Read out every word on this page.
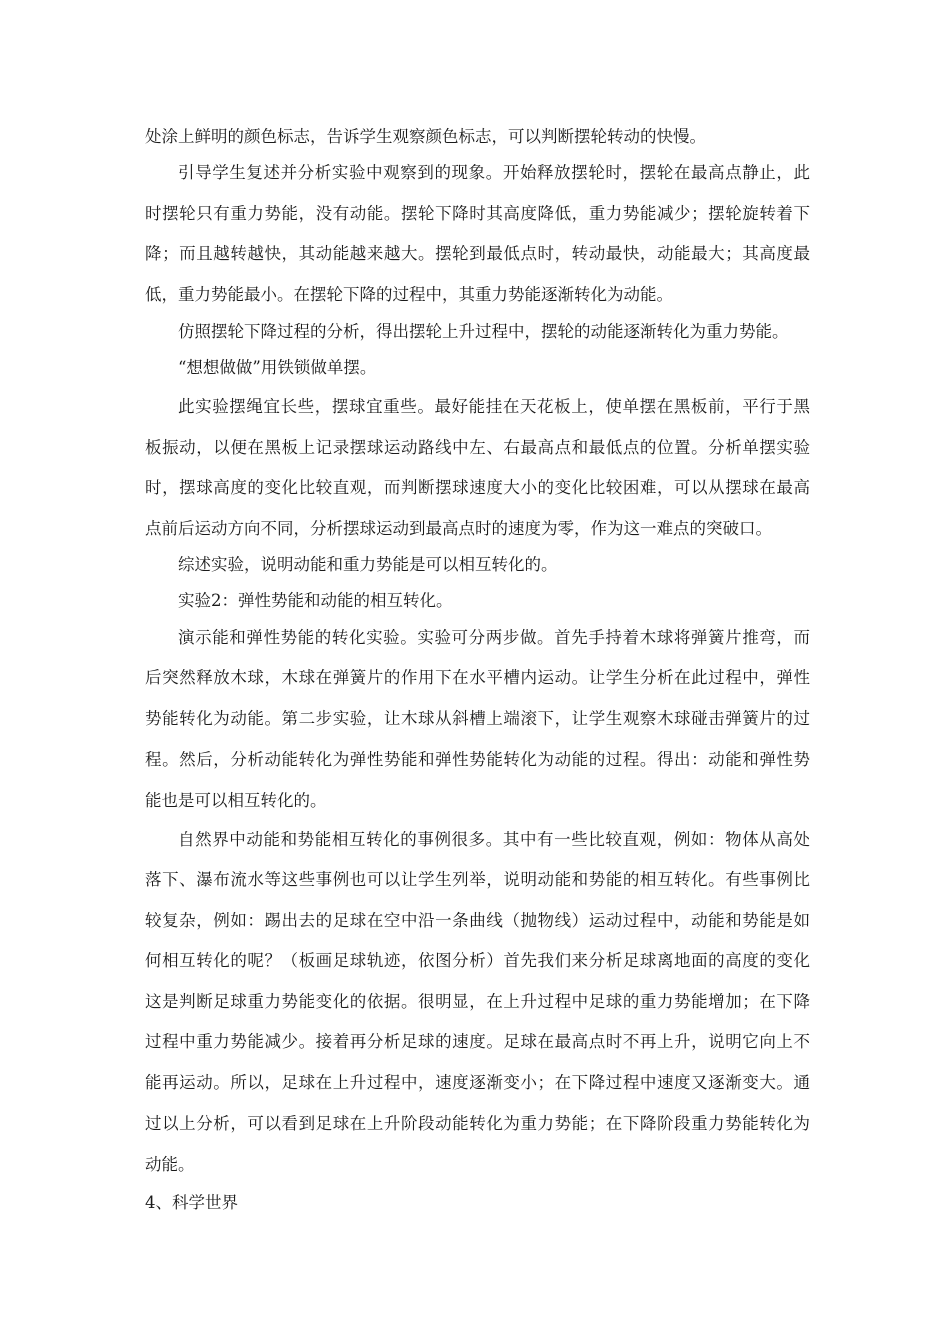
处涂上鲜明的颜色标志，告诉学生观察颜色标志，可以判断摆轮转动的快慢。
引导学生复述并分析实验中观察到的现象。开始释放摆轮时，摆轮在最高点静止，此
时摆轮只有重力势能，没有动能。摆轮下降时其高度降低，重力势能减少；摆轮旋转着下
降；而且越转越快，其动能越来越大。摆轮到最低点时，转动最快，动能最大；其高度最
低，重力势能最小。在摆轮下降的过程中，其重力势能逐渐转化为动能。
仿照摆轮下降过程的分析，得出摆轮上升过程中，摆轮的动能逐渐转化为重力势能。
“想想做做”用铁锁做单摆。
此实验摆绳宜长些，摆球宜重些。最好能挂在天花板上，使单摆在黑板前，平行于黑
板振动，以便在黑板上记录摆球运动路线中左、右最高点和最低点的位置。分析单摆实验
时，摆球高度的变化比较直观，而判断摆球速度大小的变化比较困难，可以从摆球在最高
点前后运动方向不同，分析摆球运动到最高点时的速度为零，作为这一难点的突破口。
综述实验，说明动能和重力势能是可以相互转化的。
实验2：弹性势能和动能的相互转化。
演示能和弹性势能的转化实验。实验可分两步做。首先手持着木球将弹簧片推弯，而
后突然释放木球，木球在弹簧片的作用下在水平槽内运动。让学生分析在此过程中，弹性
势能转化为动能。第二步实验，让木球从斜槽上端滚下，让学生观察木球碰击弹簧片的过
程。然后，分析动能转化为弹性势能和弹性势能转化为动能的过程。得出：动能和弹性势
能也是可以相互转化的。
自然界中动能和势能相互转化的事例很多。其中有一些比较直观，例如：物体从高处
落下、瀑布流水等这些事例也可以让学生列举，说明动能和势能的相互转化。有些事例比
较复杂，例如：踢出去的足球在空中沿一条曲线（抛物线）运动过程中，动能和势能是如
何相互转化的呢？（板画足球轨迹，依图分析）首先我们来分析足球离地面的高度的变化
这是判断足球重力势能变化的依据。很明显，在上升过程中足球的重力势能增加；在下降
过程中重力势能减少。接着再分析足球的速度。足球在最高点时不再上升，说明它向上不
能再运动。所以，足球在上升过程中，速度逐渐变小；在下降过程中速度又逐渐变大。通
过以上分析，可以看到足球在上升阶段动能转化为重力势能；在下降阶段重力势能转化为
动能。
4、科学世界
